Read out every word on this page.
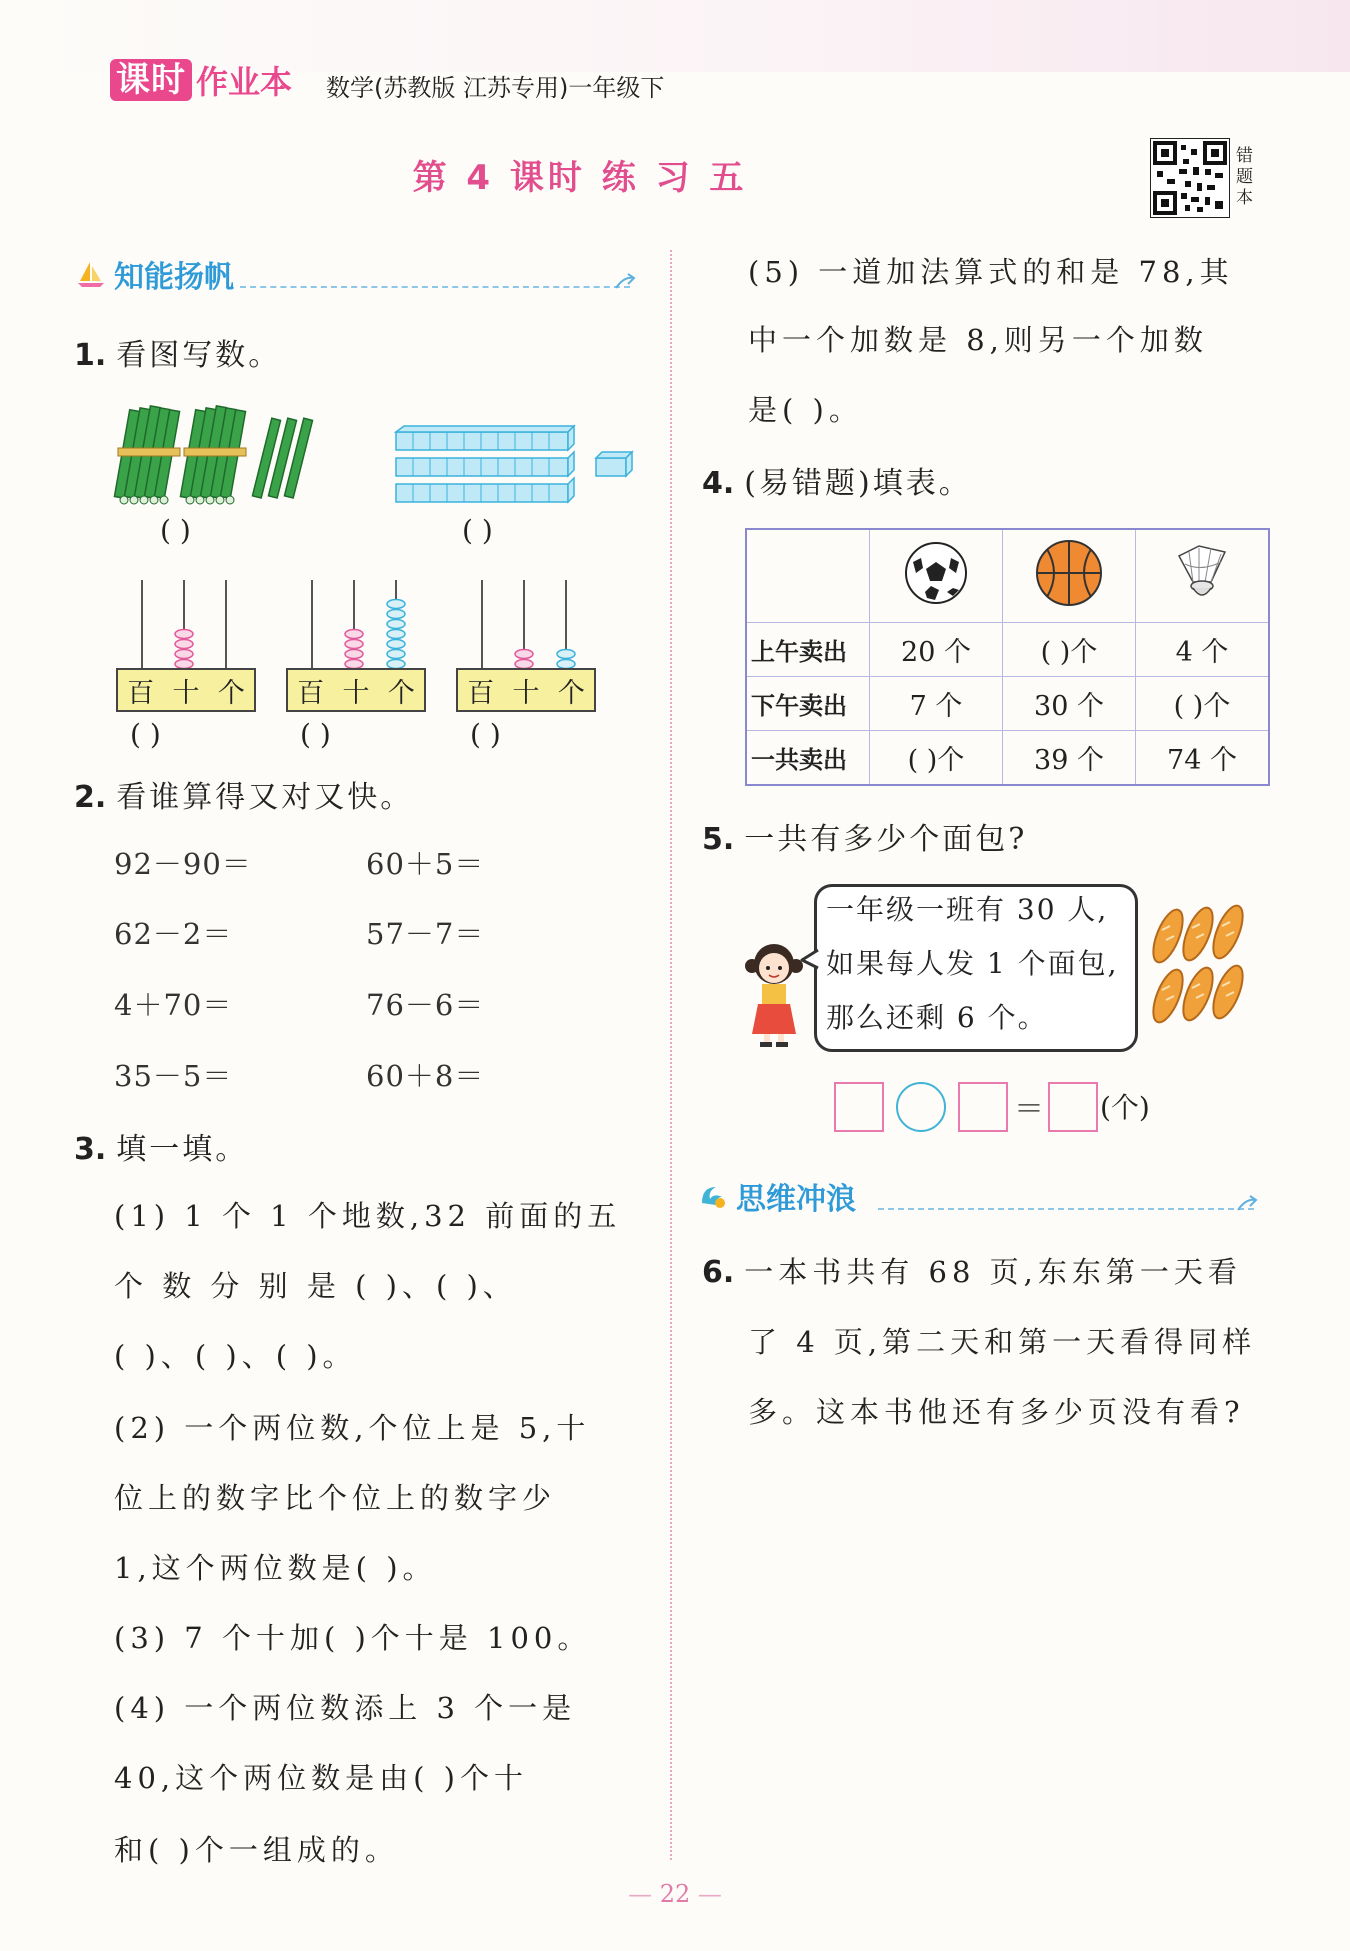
课时 作业本 数学(苏教版 江苏专用)一年级下
第 4 课时 练 习 五
错题本
知能扬帆
1. 看图写数。
( )	( )
百 十 个 百 十 个 百 十 个
( )	( )	( )
2. 看谁算得又对又快。
92－90＝
62－2＝
4＋70＝
35－5＝
60＋5＝
57－7＝
76－6＝
60＋8＝
3. 填一填。
(1) 1 个 1 个地数,32 前面的五
个 数 分 别 是 ( )、( )、
( )、( )、( )。
(2) 一个两位数,个位上是 5,十
位上的数字比个位上的数字少
1,这个两位数是( )。
(3) 7 个十加( )个十是 100。
(4) 一个两位数添上 3 个一是
40,这个两位数是由( )个十
和( )个一组成的。
(5) 一道加法算式的和是 78,其
中一个加数是 8,则另一个加数
是( )。
4. (易错题)填表。

上午卖出	20 个	( )个	4 个
下午卖出	7 个	30 个	( )个
一共卖出	( )个	39 个	74 个
5. 一共有多少个面包?
一年级一班有 30 人,
如果每人发 1 个面包,
那么还剩 6 个。
＝ (个)
思维冲浪
6. 一本书共有 68 页,东东第一天看
了 4 页,第二天和第一天看得同样
多。这本书他还有多少页没有看?
— 22 —
